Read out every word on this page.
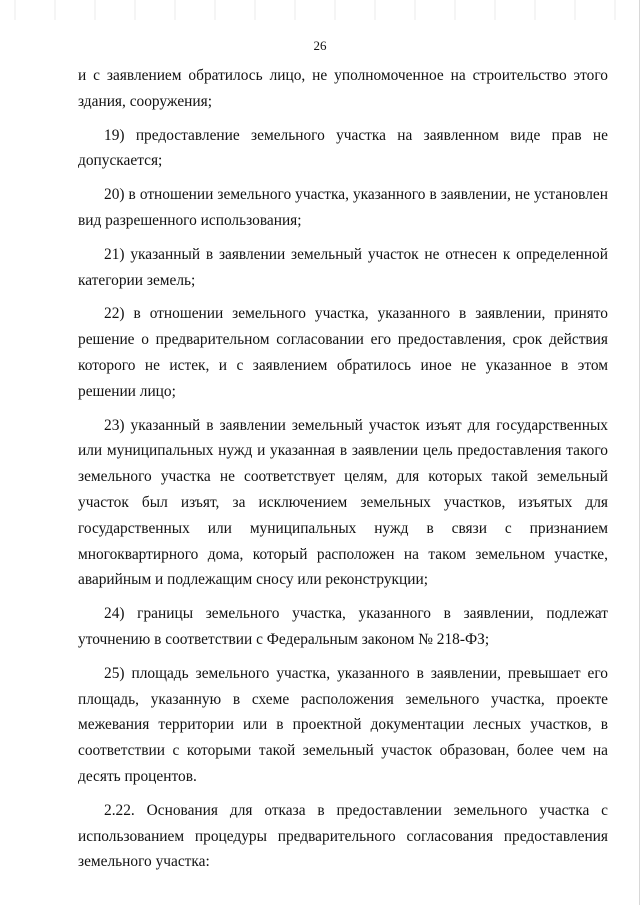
26

и с заявлением обратилось лицо, не уполномоченное на строительство этого здания, сооружения;

19) предоставление земельного участка на заявленном виде прав не допускается;

20) в отношении земельного участка, указанного в заявлении, не установлен вид разрешенного использования;

21) указанный в заявлении земельный участок не отнесен к определенной категории земель;

22) в отношении земельного участка, указанного в заявлении, принято решение о предварительном согласовании его предоставления, срок действия которого не истек, и с заявлением обратилось иное не указанное в этом решении лицо;

23) указанный в заявлении земельный участок изъят для государственных или муниципальных нужд и указанная в заявлении цель предоставления такого земельного участка не соответствует целям, для которых такой земельный участок был изъят, за исключением земельных участков, изъятых для государственных или муниципальных нужд в связи с признанием многоквартирного дома, который расположен на таком земельном участке, аварийным и подлежащим сносу или реконструкции;

24) границы земельного участка, указанного в заявлении, подлежат уточнению в соответствии с Федеральным законом № 218-ФЗ;

25) площадь земельного участка, указанного в заявлении, превышает его площадь, указанную в схеме расположения земельного участка, проекте межевания территории или в проектной документации лесных участков, в соответствии с которыми такой земельный участок образован, более чем на десять процентов.

2.22. Основания для отказа в предоставлении земельного участка с использованием процедуры предварительного согласования предоставления земельного участка:
